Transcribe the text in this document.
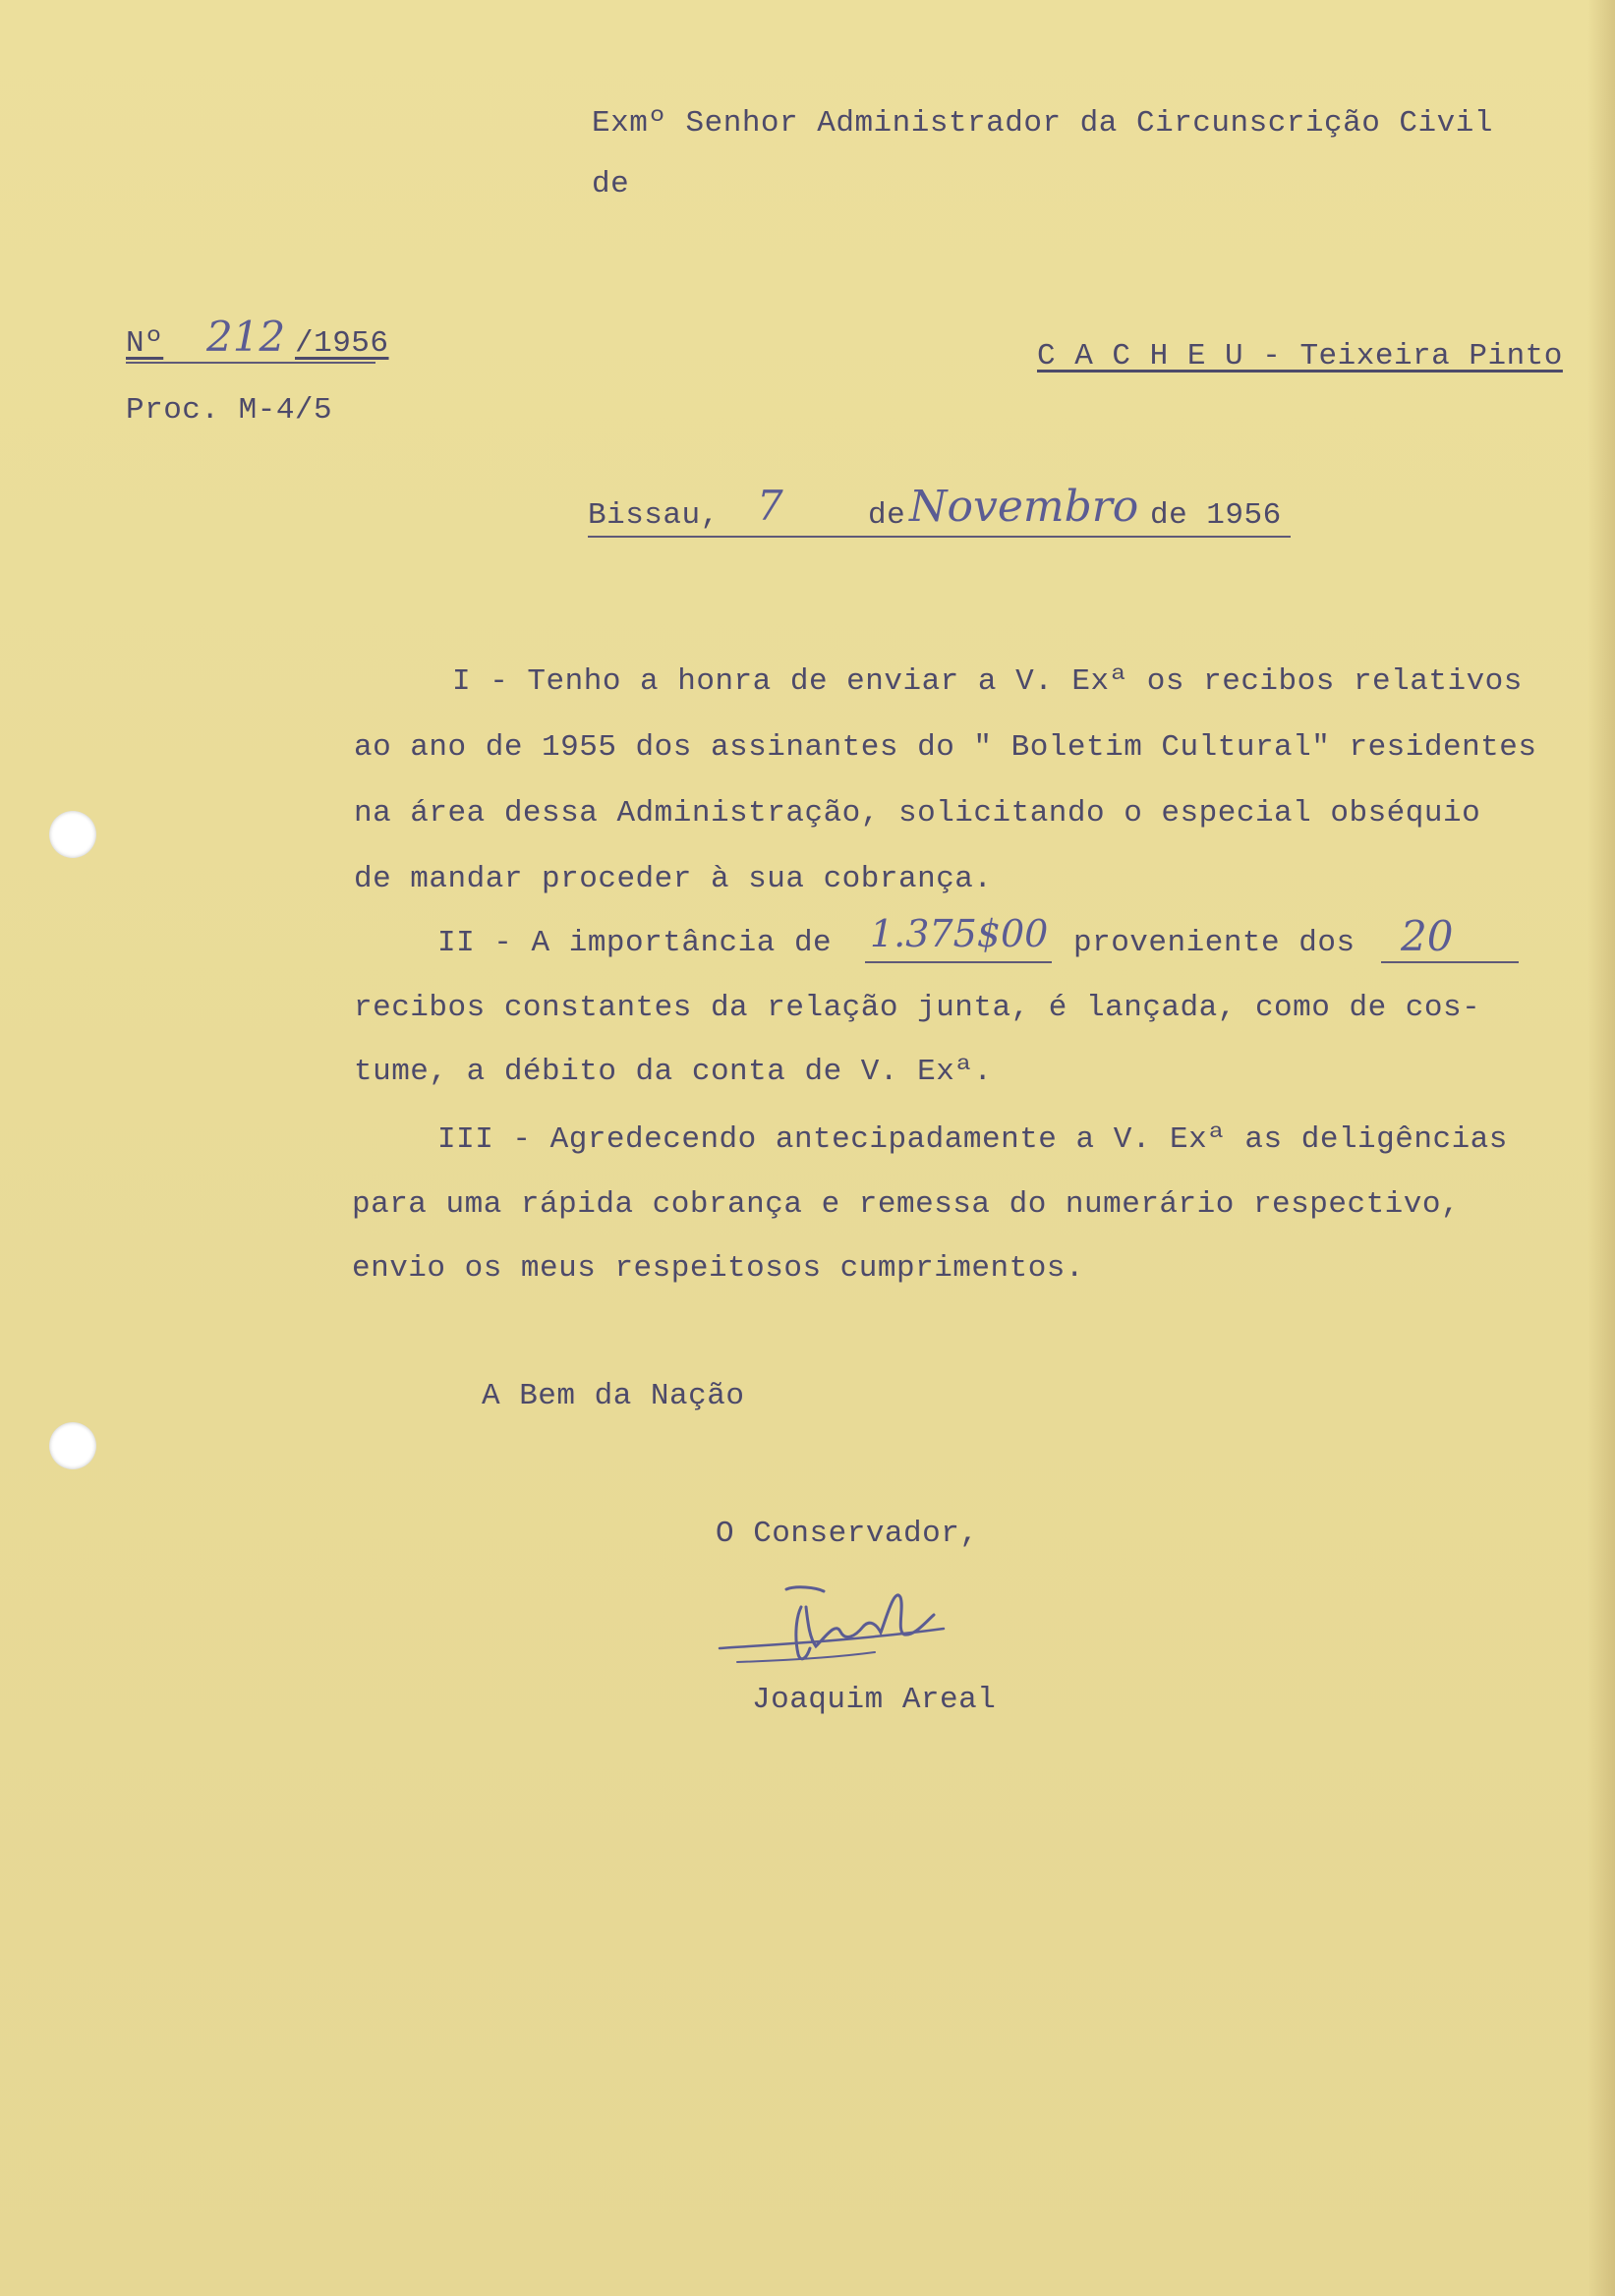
Exmº Senhor Administrador da Circunscrição Civil
de
Nº 212 /1956
Proc. M-4/5
C A C H E U - Teixeira Pinto
Bissau, 7	de Novembro de 1956
I - Tenho a honra de enviar a V. Exª os recibos relativos
ao ano de 1955 dos assinantes do " Boletim Cultural" residentes
na área dessa Administração, solicitando o especial obséquio
de mandar proceder à sua cobrança.
II - A importância de 1.375$00 proveniente dos 20
recibos constantes da relação junta, é lançada, como de cos-
tume, a débito da conta de V. Exª.
III - Agredecendo antecipadamente a V. Exª as deligências
para uma rápida cobrança e remessa do numerário respectivo,
envio os meus respeitosos cumprimentos.
A Bem da Nação
O Conservador,
Joaquim Areal
